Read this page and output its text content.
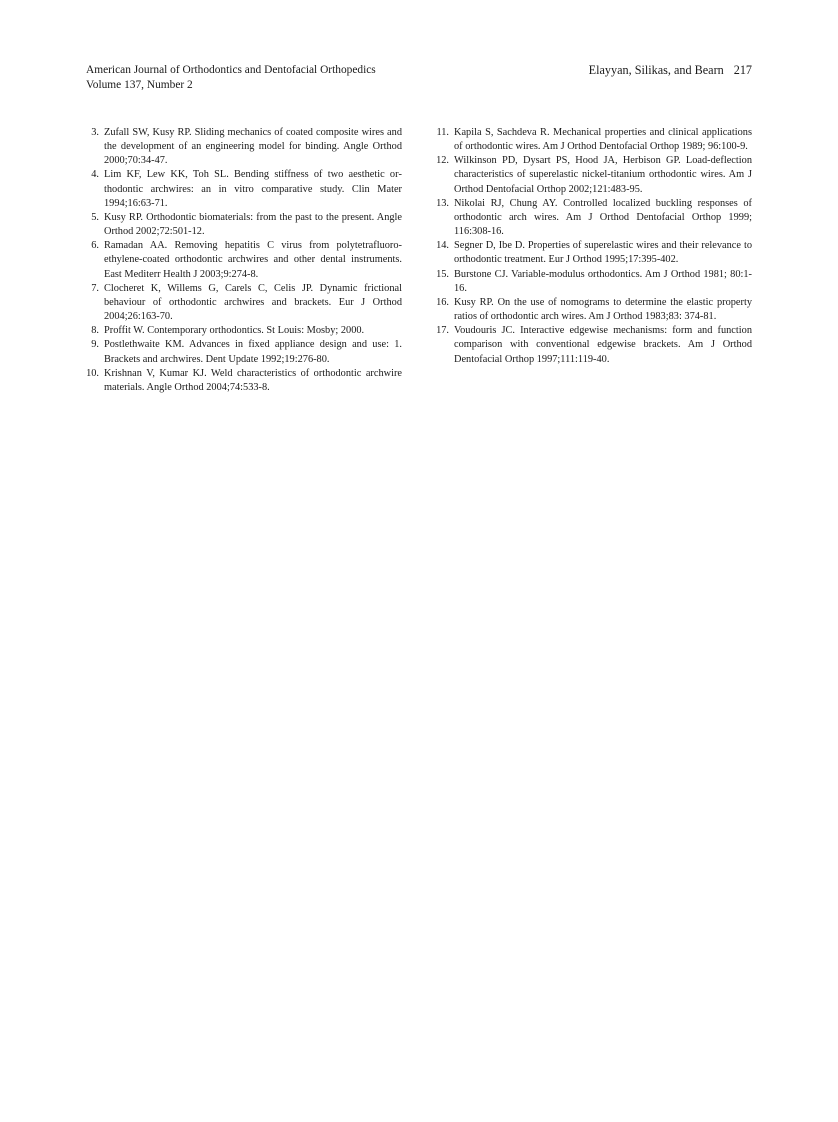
American Journal of Orthodontics and Dentofacial Orthopedics
Volume 137, Number 2
Elayyan, Silikas, and Bearn 217
3. Zufall SW, Kusy RP. Sliding mechanics of coated composite wires and the development of an engineering model for binding. Angle Orthod 2000;70:34-47.
4. Lim KF, Lew KK, Toh SL. Bending stiffness of two aesthetic orthodontic archwires: an in vitro comparative study. Clin Mater 1994;16:63-71.
5. Kusy RP. Orthodontic biomaterials: from the past to the present. Angle Orthod 2002;72:501-12.
6. Ramadan AA. Removing hepatitis C virus from polytetrafluoroethylene-coated orthodontic archwires and other dental instruments. East Mediterr Health J 2003;9:274-8.
7. Clocheret K, Willems G, Carels C, Celis JP. Dynamic frictional behaviour of orthodontic archwires and brackets. Eur J Orthod 2004;26:163-70.
8. Proffit W. Contemporary orthodontics. St Louis: Mosby; 2000.
9. Postlethwaite KM. Advances in fixed appliance design and use: 1. Brackets and archwires. Dent Update 1992;19:276-80.
10. Krishnan V, Kumar KJ. Weld characteristics of orthodontic archwire materials. Angle Orthod 2004;74:533-8.
11. Kapila S, Sachdeva R. Mechanical properties and clinical applications of orthodontic wires. Am J Orthod Dentofacial Orthop 1989; 96:100-9.
12. Wilkinson PD, Dysart PS, Hood JA, Herbison GP. Load-deflection characteristics of superelastic nickel-titanium orthodontic wires. Am J Orthod Dentofacial Orthop 2002;121:483-95.
13. Nikolai RJ, Chung AY. Controlled localized buckling responses of orthodontic arch wires. Am J Orthod Dentofacial Orthop 1999; 116:308-16.
14. Segner D, Ibe D. Properties of superelastic wires and their relevance to orthodontic treatment. Eur J Orthod 1995;17:395-402.
15. Burstone CJ. Variable-modulus orthodontics. Am J Orthod 1981; 80:1-16.
16. Kusy RP. On the use of nomograms to determine the elastic property ratios of orthodontic arch wires. Am J Orthod 1983;83: 374-81.
17. Voudouris JC. Interactive edgewise mechanisms: form and function comparison with conventional edgewise brackets. Am J Orthod Dentofacial Orthop 1997;111:119-40.
